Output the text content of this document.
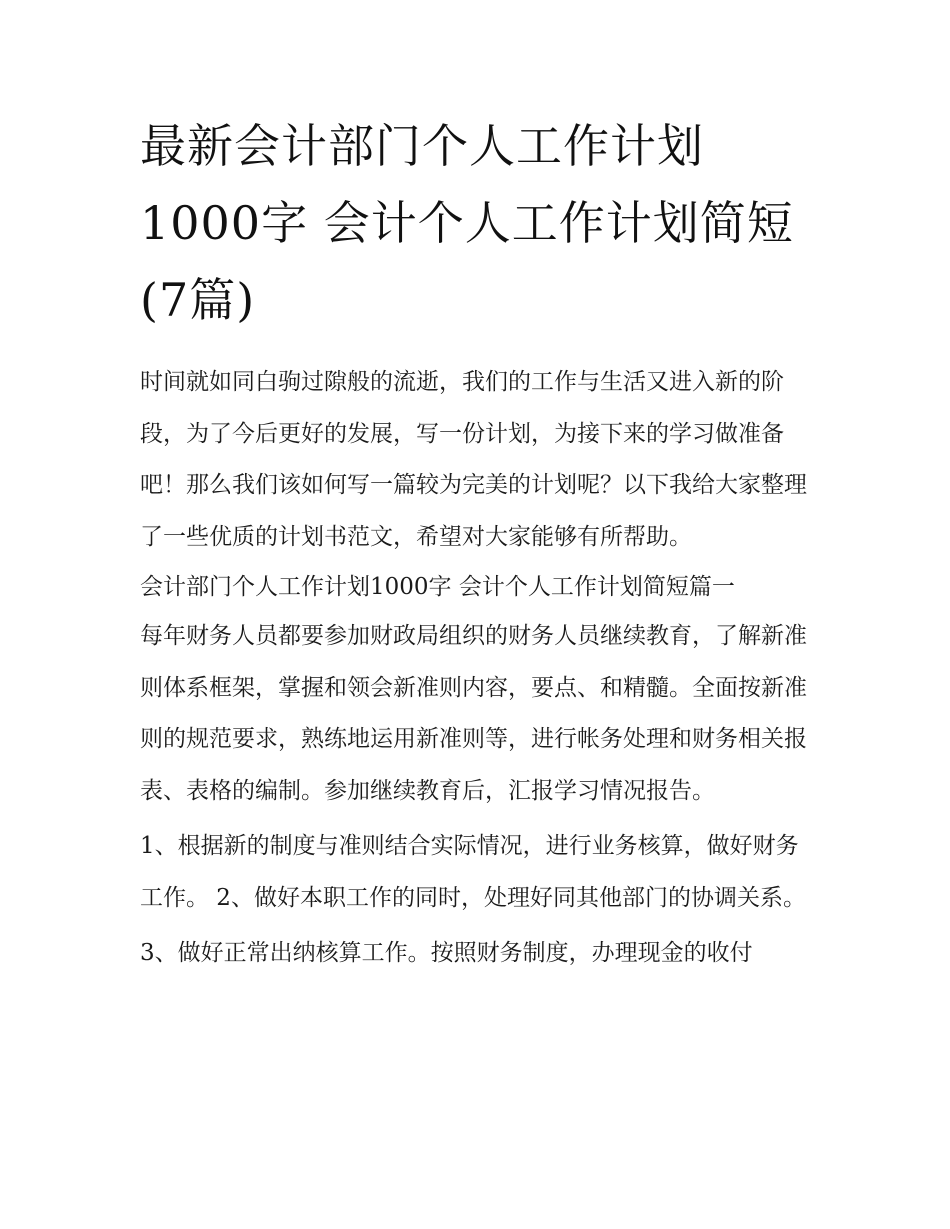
最新会计部门个人工作计划1000字 会计个人工作计划简短(7篇)

时间就如同白驹过隙般的流逝，我们的工作与生活又进入新的阶段，为了今后更好的发展，写一份计划，为接下来的学习做准备吧！那么我们该如何写一篇较为完美的计划呢？以下我给大家整理了一些优质的计划书范文，希望对大家能够有所帮助。

会计部门个人工作计划1000字 会计个人工作计划简短篇一

每年财务人员都要参加财政局组织的财务人员继续教育，了解新准则体系框架，掌握和领会新准则内容，要点、和精髓。全面按新准则的规范要求，熟练地运用新准则等，进行帐务处理和财务相关报表、表格的编制。参加继续教育后，汇报学习情况报告。

1、根据新的制度与准则结合实际情况，进行业务核算，做好财务工作。 2、做好本职工作的同时，处理好同其他部门的协调关系。

3、做好正常出纳核算工作。按照财务制度，办理现金的收付
